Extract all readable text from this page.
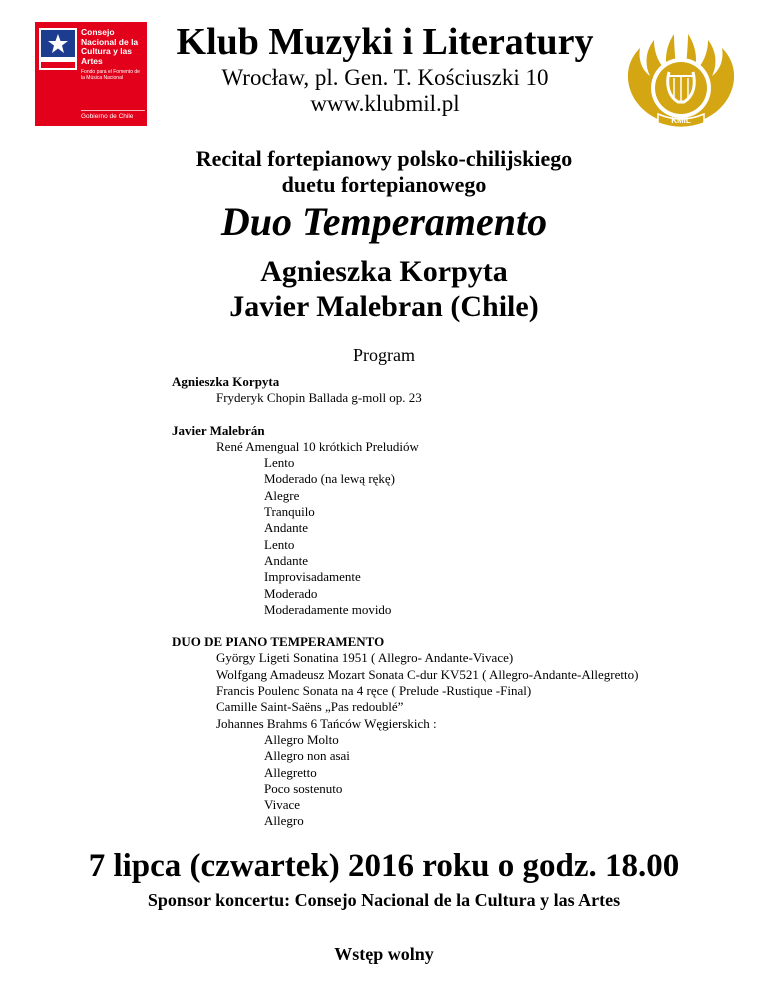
Consejo Nacional de la Cultura y las Artes
Fondo para el Fomento de la Música Nacional
Gobierno de Chile
Klub Muzyki i Literatury
Wrocław, pl. Gen. T. Kościuszki 10
www.klubmil.pl
KMiL
Recital fortepianowy polsko-chilijskiego
duetu fortepianowego
Duo Temperamento
Agnieszka Korpyta
Javier Malebran (Chile)
Program
Agnieszka Korpyta
Fryderyk Chopin Ballada g-moll op. 23
Javier Malebrán
René Amengual 10 krótkich Preludiów
Lento
Moderado (na lewą rękę)
Alegre
Tranquilo
Andante
Lento
Andante
Improvisadamente
Moderado
Moderadamente movido
DUO DE PIANO TEMPERAMENTO
György Ligeti Sonatina 1951 ( Allegro- Andante-Vivace)
Wolfgang Amadeusz Mozart Sonata C-dur KV521 ( Allegro-Andante-Allegretto)
Francis Poulenc Sonata na 4 ręce ( Prelude -Rustique -Final)
Camille Saint-Saëns „Pas redoublé”
Johannes Brahms 6 Tańców Węgierskich :
Allegro Molto
Allegro non asai
Allegretto
Poco sostenuto
Vivace
Allegro
7 lipca (czwartek) 2016 roku o godz. 18.00
Sponsor koncertu: Consejo Nacional de la Cultura y las Artes
Wstęp wolny
